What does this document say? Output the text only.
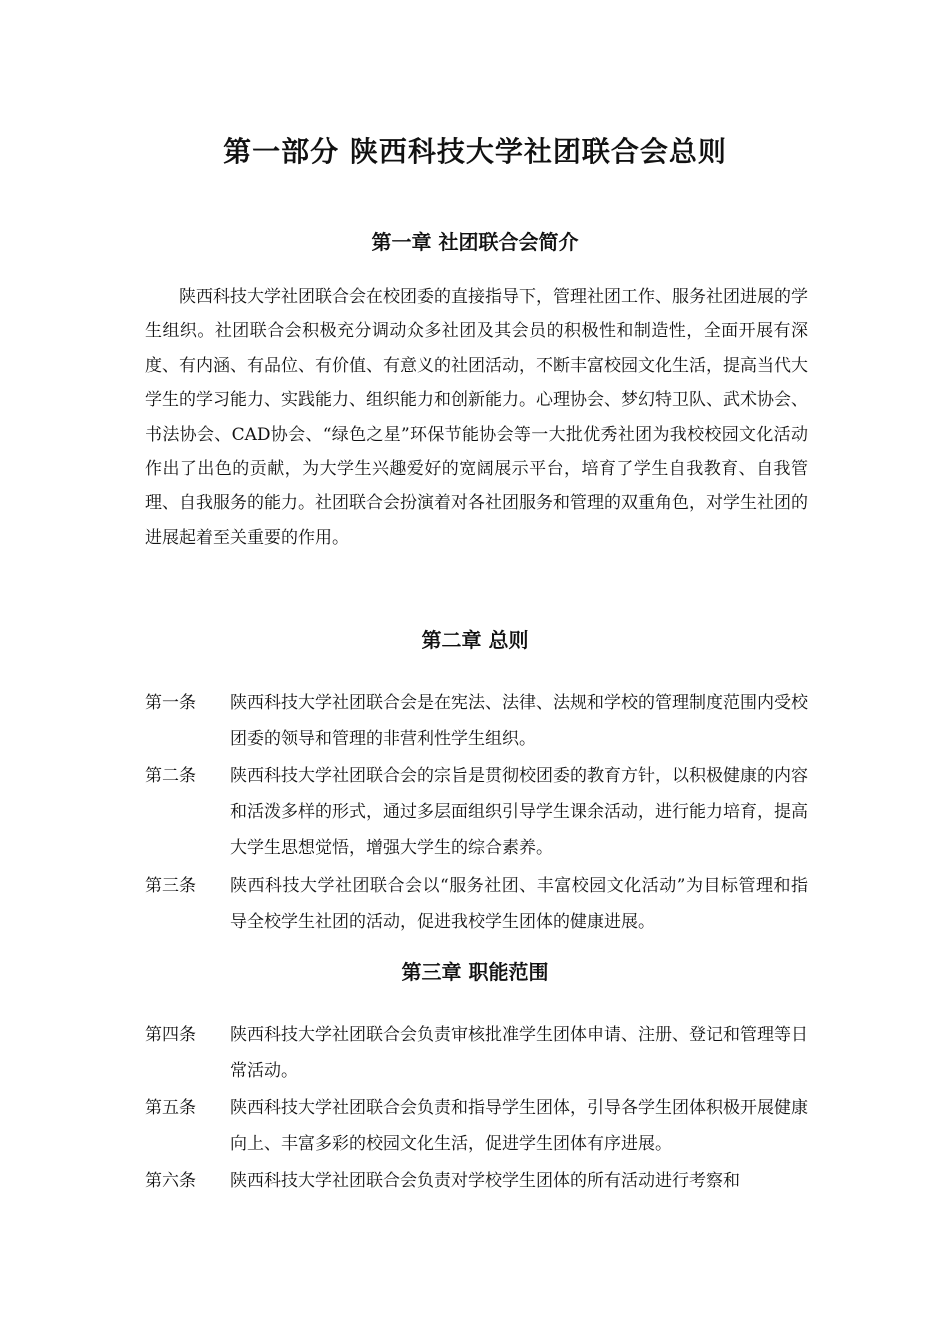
第一部分 陕西科技大学社团联合会总则
第一章 社团联合会简介
陕西科技大学社团联合会在校团委的直接指导下，管理社团工作、服务社团进展的学生组织。社团联合会积极充分调动众多社团及其会员的积极性和制造性，全面开展有深度、有内涵、有品位、有价值、有意义的社团活动，不断丰富校园文化生活，提高当代大学生的学习能力、实践能力、组织能力和创新能力。心理协会、梦幻特卫队、武术协会、书法协会、CAD协会、“绿色之星”环保节能协会等一大批优秀社团为我校校园文化活动作出了出色的贡献，为大学生兴趣爱好的宽阔展示平台，培育了学生自我教育、自我管理、自我服务的能力。社团联合会扮演着对各社团服务和管理的双重角色，对学生社团的进展起着至关重要的作用。
第二章 总则
第一条	陕西科技大学社团联合会是在宪法、法律、法规和学校的管理制度范围内受校团委的领导和管理的非营利性学生组织。
第二条	陕西科技大学社团联合会的宗旨是贯彻校团委的教育方针，以积极健康的内容和活泼多样的形式，通过多层面组织引导学生课余活动，进行能力培育，提高大学生思想觉悟，增强大学生的综合素养。
第三条	陕西科技大学社团联合会以“服务社团、丰富校园文化活动”为目标管理和指导全校学生社团的活动，促进我校学生团体的健康进展。
第三章 职能范围
第四条	陕西科技大学社团联合会负责审核批准学生团体申请、注册、登记和管理等日常活动。
第五条	陕西科技大学社团联合会负责和指导学生团体，引导各学生团体积极开展健康向上、丰富多彩的校园文化生活，促进学生团体有序进展。
第六条	陕西科技大学社团联合会负责对学校学生团体的所有活动进行考察和
